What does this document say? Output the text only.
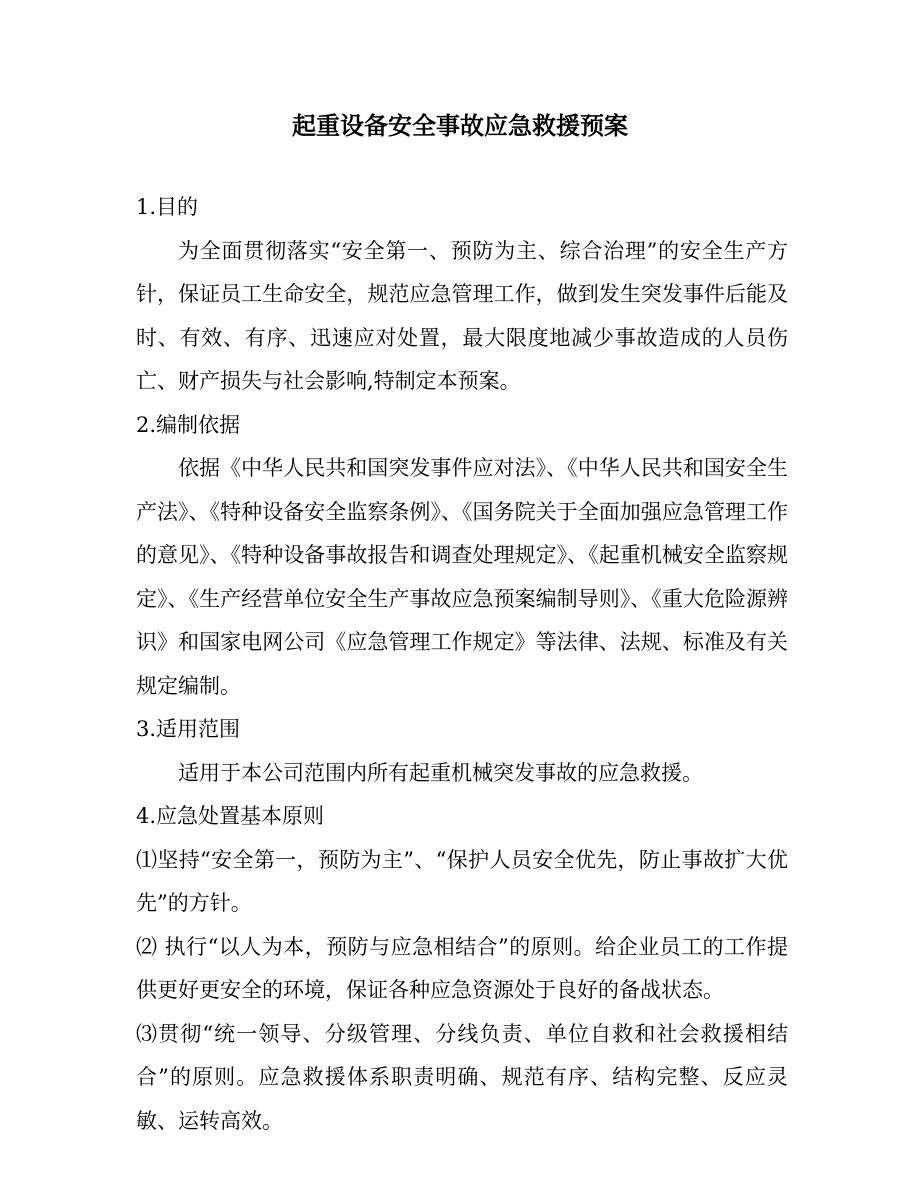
起重设备安全事故应急救援预案

1.目的

为全面贯彻落实“安全第一、预防为主、综合治理”的安全生产方针，保证员工生命安全，规范应急管理工作，做到发生突发事件后能及时、有效、有序、迅速应对处置，最大限度地减少事故造成的人员伤亡、财产损失与社会影响,特制定本预案。

2.编制依据

依据《中华人民共和国突发事件应对法》、《中华人民共和国安全生产法》、《特种设备安全监察条例》、《国务院关于全面加强应急管理工作的意见》、《特种设备事故报告和调查处理规定》、《起重机械安全监察规定》、《生产经营单位安全生产事故应急预案编制导则》、《重大危险源辨识》和国家电网公司《应急管理工作规定》等法律、法规、标准及有关规定编制。

3.适用范围

适用于本公司范围内所有起重机械突发事故的应急救援。

4.应急处置基本原则

⑴坚持“安全第一，预防为主”、“保护人员安全优先，防止事故扩大优先”的方针。

⑵ 执行“以人为本，预防与应急相结合”的原则。给企业员工的工作提供更好更安全的环境，保证各种应急资源处于良好的备战状态。

⑶贯彻“统一领导、分级管理、分线负责、单位自救和社会救援相结合”的原则。应急救援体系职责明确、规范有序、结构完整、反应灵敏、运转高效。
